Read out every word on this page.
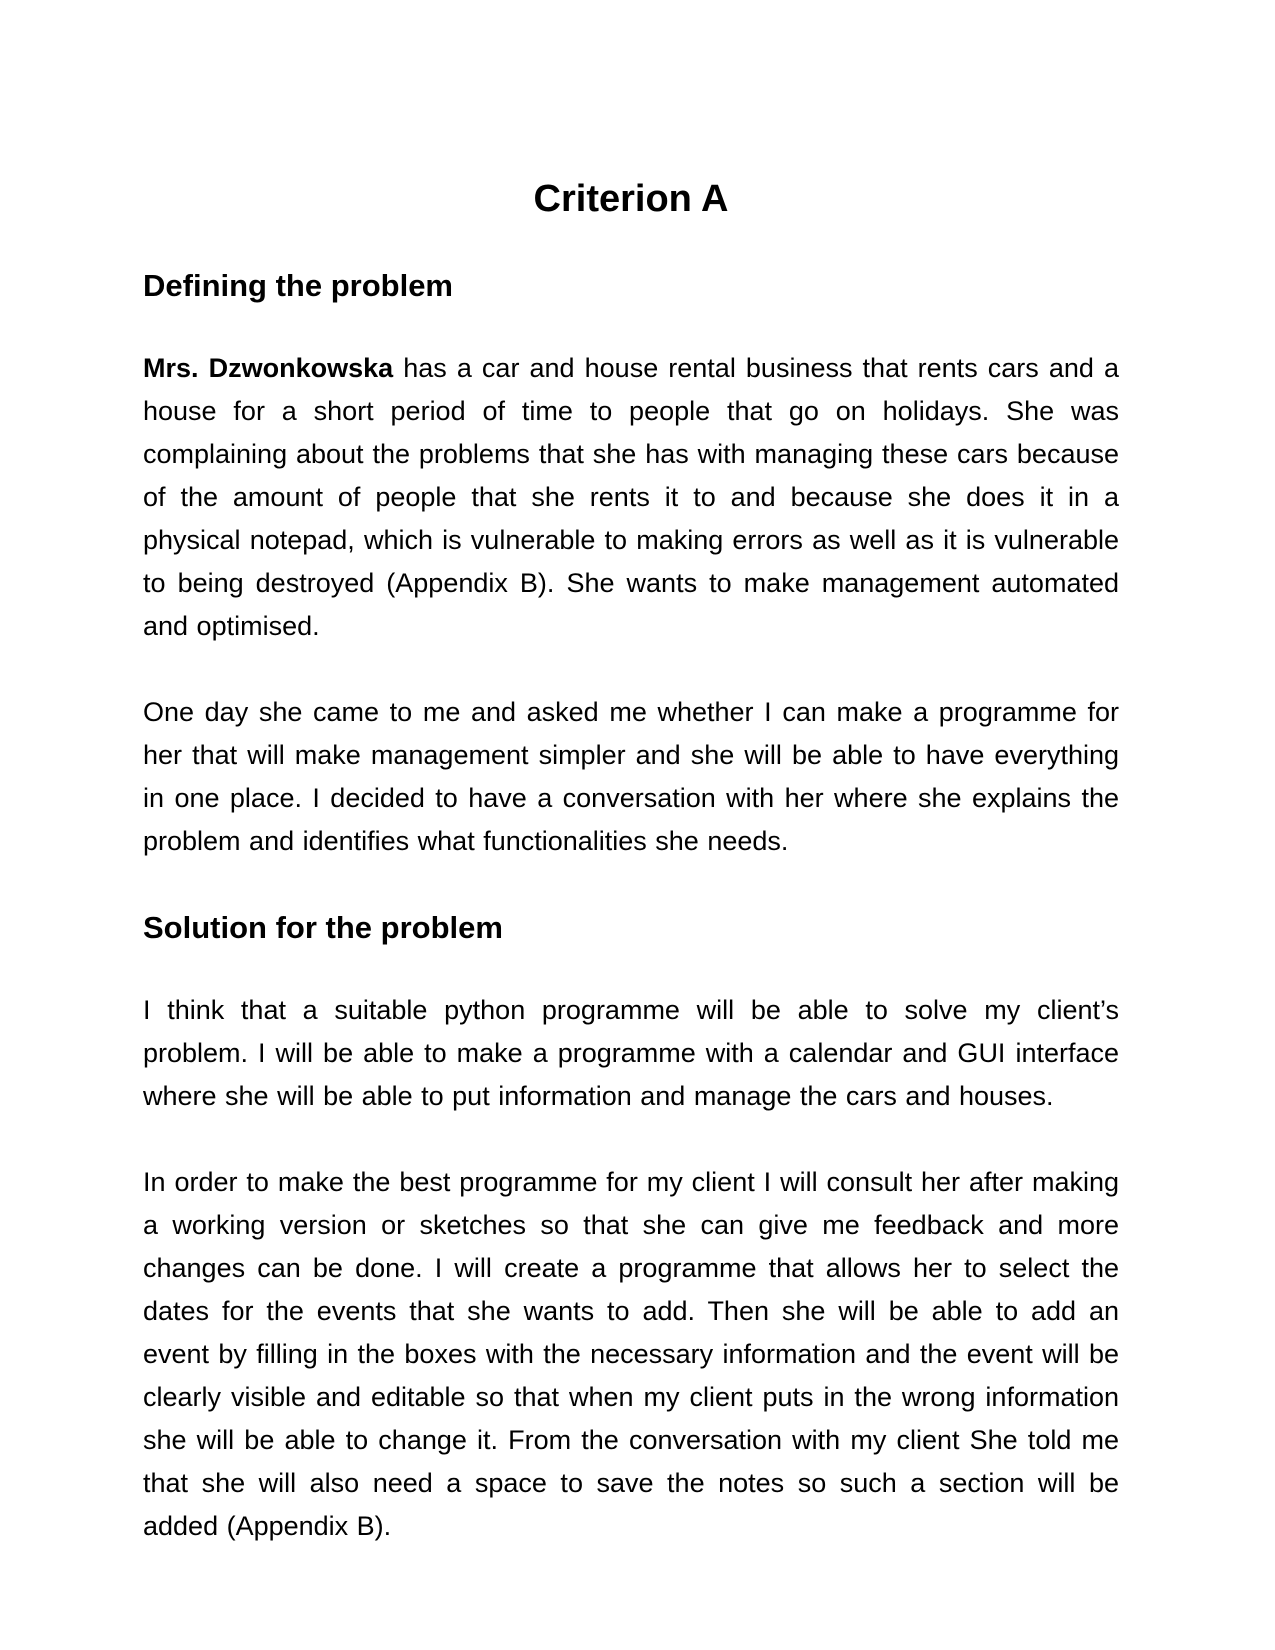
Criterion A
Defining the problem

Mrs. Dzwonkowska has a car and house rental business that rents cars and a house for a short period of time to people that go on holidays. She was complaining about the problems that she has with managing these cars because of the amount of people that she rents it to and because she does it in a physical notepad, which is vulnerable to making errors as well as it is vulnerable to being destroyed (Appendix B). She wants to make management automated and optimised.

One day she came to me and asked me whether I can make a programme for her that will make management simpler and she will be able to have everything in one place. I decided to have a conversation with her where she explains the problem and identifies what functionalities she needs.

Solution for the problem

I think that a suitable python programme will be able to solve my client’s problem. I will be able to make a programme with a calendar and GUI interface where she will be able to put information and manage the cars and houses.

In order to make the best programme for my client I will consult her after making a working version or sketches so that she can give me feedback and more changes can be done. I will create a programme that allows her to select the dates for the events that she wants to add. Then she will be able to add an event by filling in the boxes with the necessary information and the event will be clearly visible and editable so that when my client puts in the wrong information she will be able to change it. From the conversation with my client She told me that she will also need a space to save the notes so such a section will be added (Appendix B).
